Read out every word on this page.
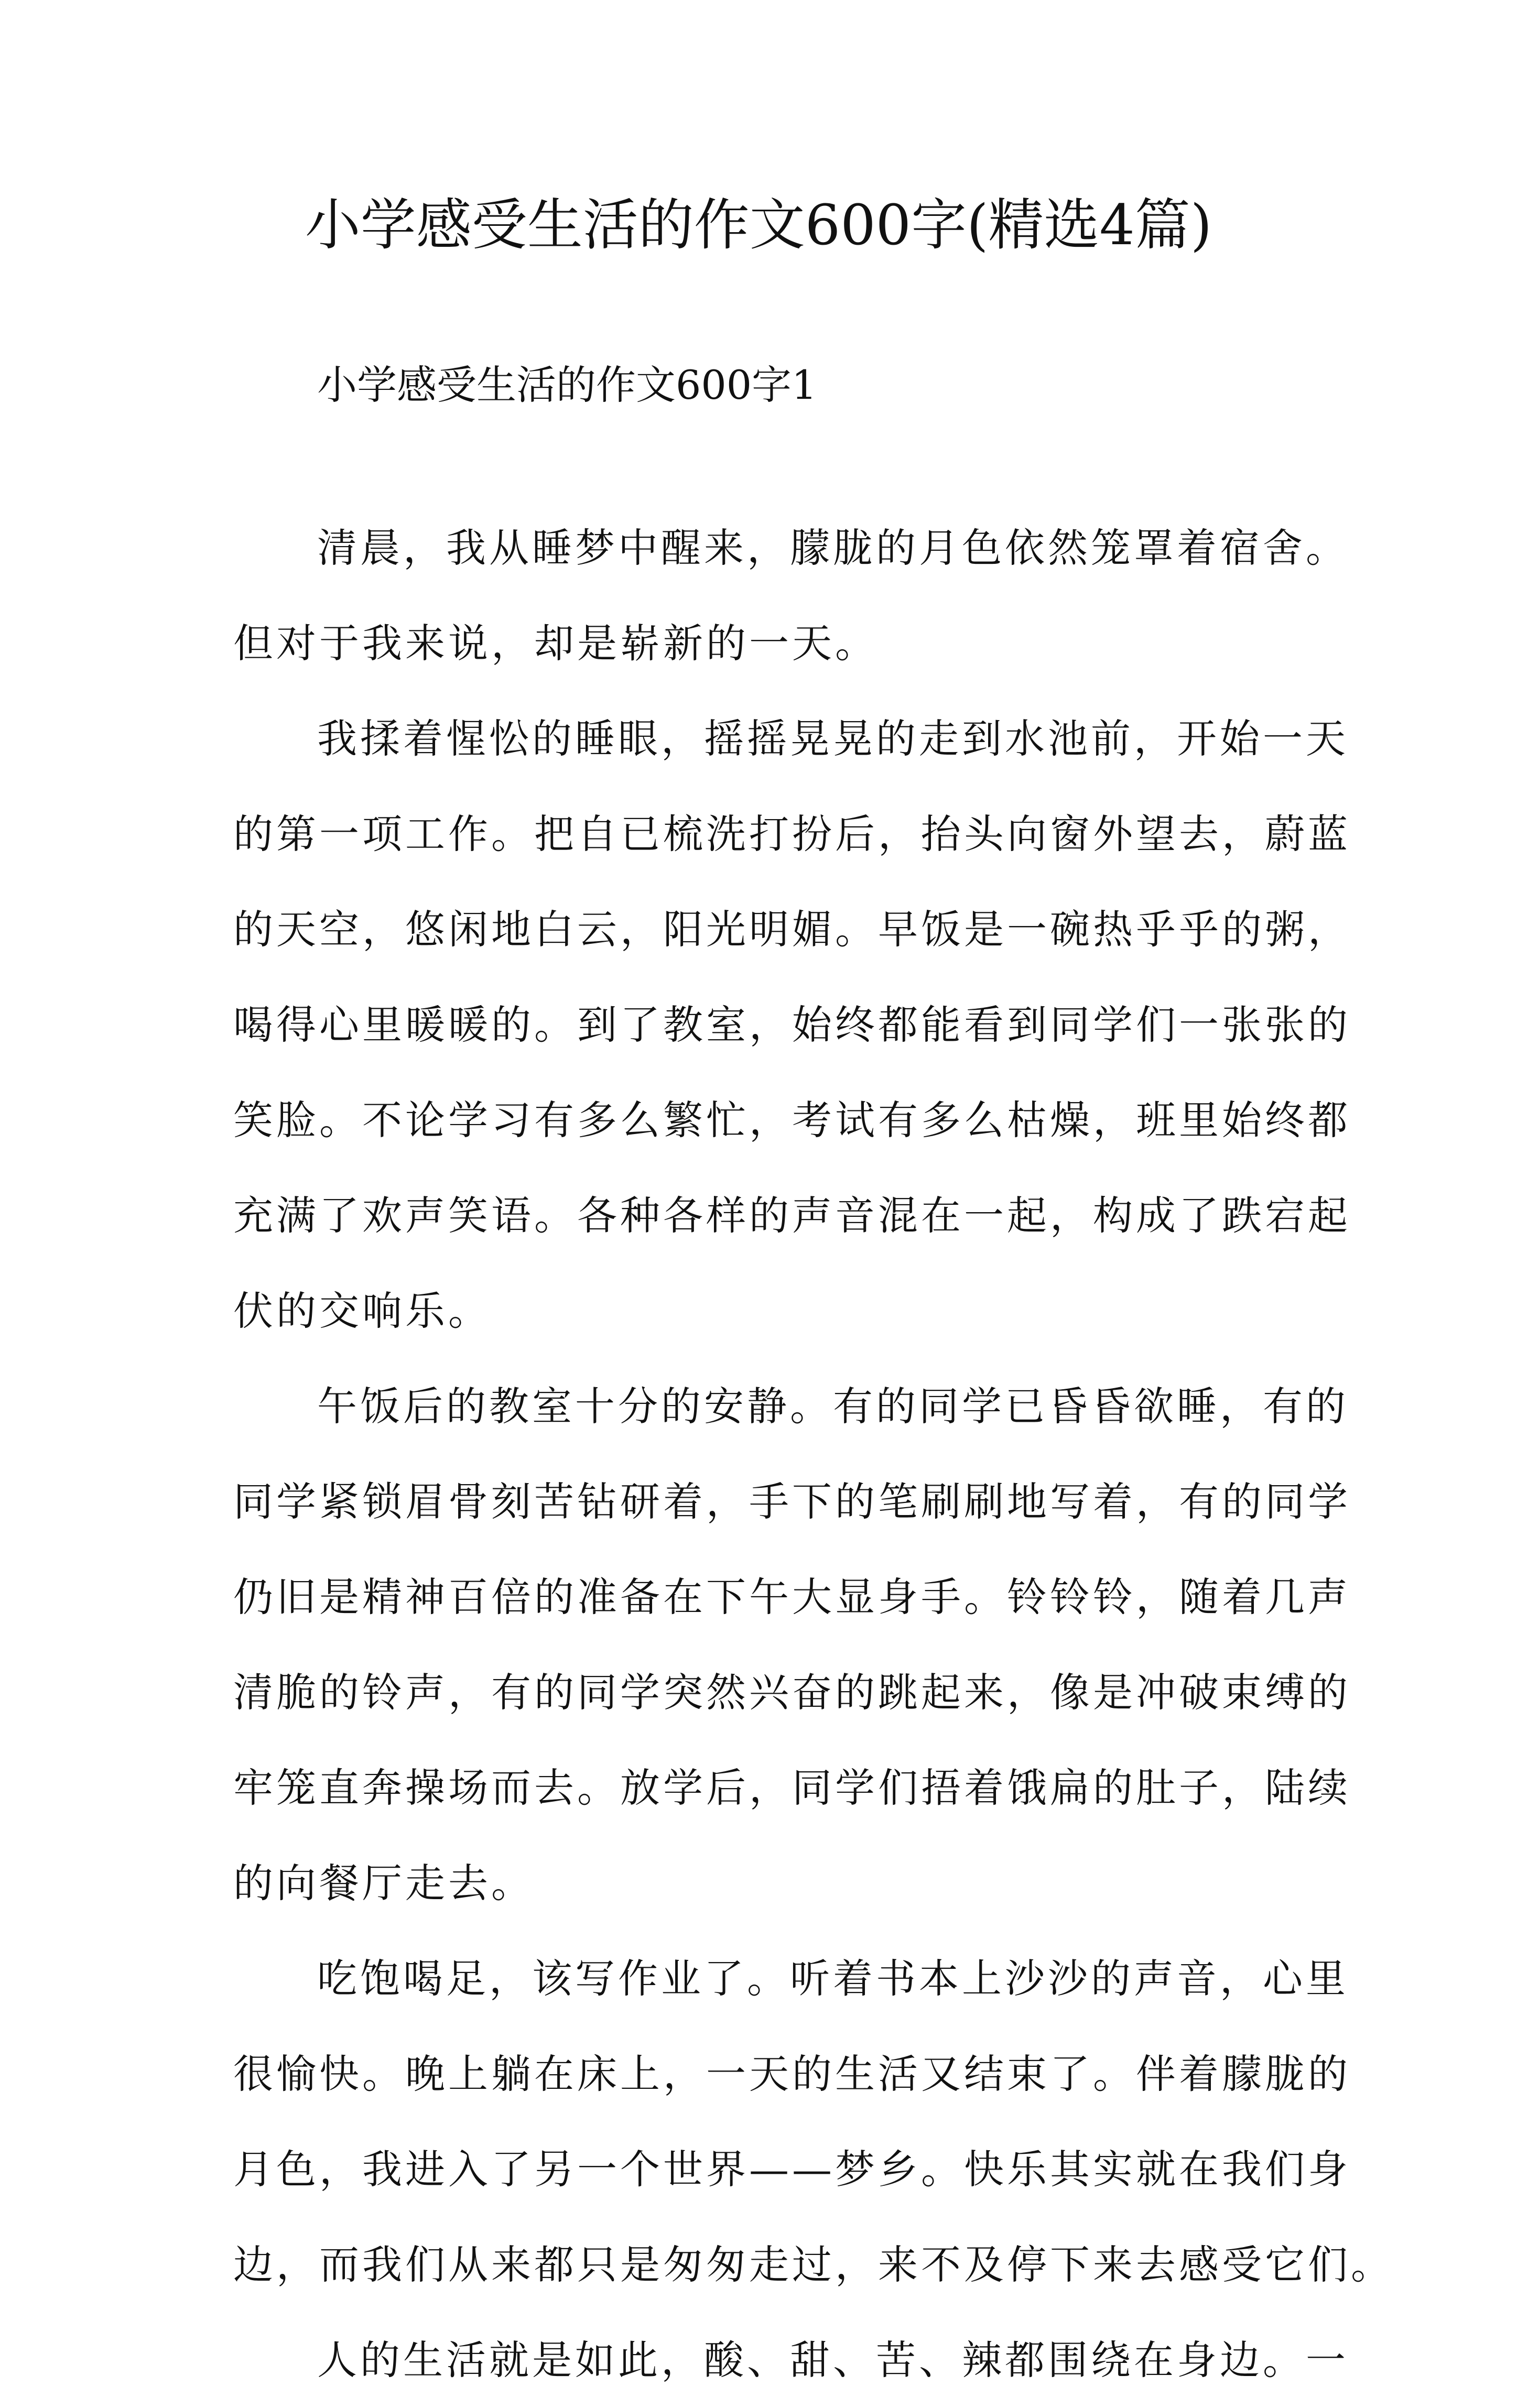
小学感受生活的作文600字(精选4篇)
小学感受生活的作文600字1
清晨，我从睡梦中醒来，朦胧的月色依然笼罩着宿舍。
但对于我来说，却是崭新的一天。
我揉着惺忪的睡眼，摇摇晃晃的走到水池前，开始一天
的第一项工作。把自已梳洗打扮后，抬头向窗外望去，蔚蓝
的天空，悠闲地白云，阳光明媚。早饭是一碗热乎乎的粥，
喝得心里暖暖的。到了教室，始终都能看到同学们一张张的
笑脸。不论学习有多么繁忙，考试有多么枯燥，班里始终都
充满了欢声笑语。各种各样的声音混在一起，构成了跌宕起
伏的交响乐。
午饭后的教室十分的安静。有的同学已昏昏欲睡，有的
同学紧锁眉骨刻苦钻研着，手下的笔刷刷地写着，有的同学
仍旧是精神百倍的准备在下午大显身手。铃铃铃，随着几声
清脆的铃声，有的同学突然兴奋的跳起来，像是冲破束缚的
牢笼直奔操场而去。放学后，同学们捂着饿扁的肚子，陆续
的向餐厅走去。
吃饱喝足，该写作业了。听着书本上沙沙的声音，心里
很愉快。晚上躺在床上，一天的生活又结束了。伴着朦胧的
月色，我进入了另一个世界——梦乡。快乐其实就在我们身
边，而我们从来都只是匆匆走过，来不及停下来去感受它们。
人的生活就是如此，酸、甜、苦、辣都围绕在身边。一
